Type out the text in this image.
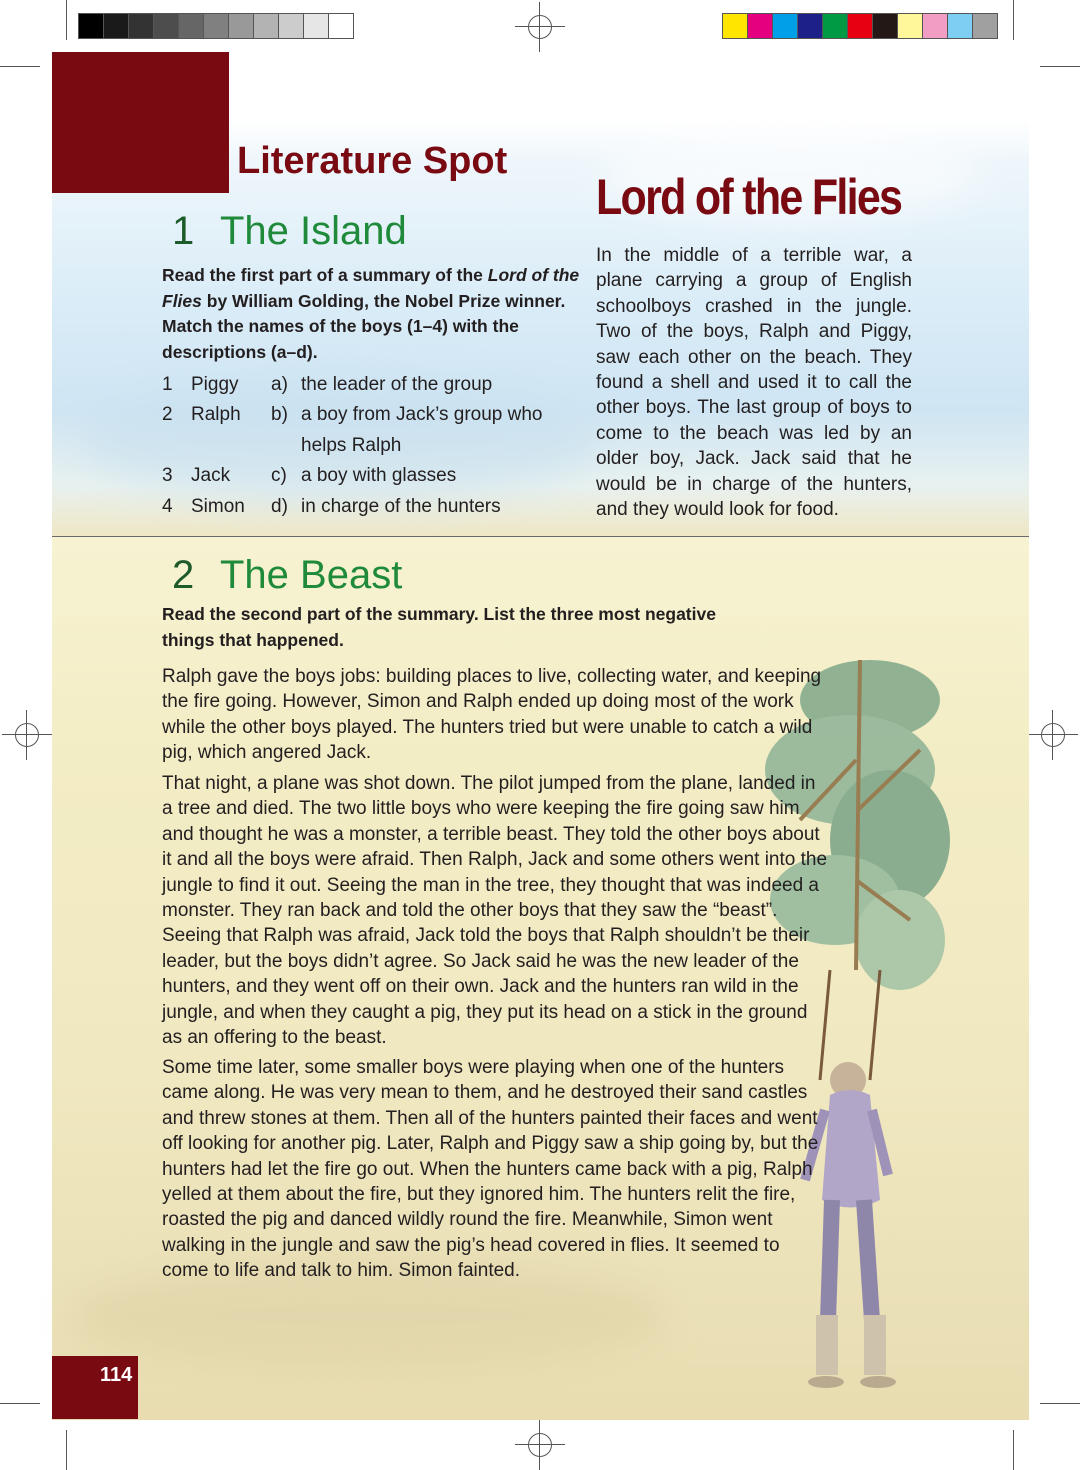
Literature Spot
Lord of the Flies
1 The Island
Read the first part of a summary of the Lord of the Flies by William Golding, the Nobel Prize winner. Match the names of the boys (1–4) with the descriptions (a–d).
1 Piggy	a) the leader of the group
2 Ralph	b) a boy from Jack’s group who helps Ralph
3 Jack	c) a boy with glasses
4 Simon	d) in charge of the hunters
In the middle of a terrible war, a plane carrying a group of English schoolboys crashed in the jungle. Two of the boys, Ralph and Piggy, saw each other on the beach. They found a shell and used it to call the other boys. The last group of boys to come to the beach was led by an older boy, Jack. Jack said that he would be in charge of the hunters, and they would look for food.
2 The Beast
Read the second part of the summary. List the three most negative things that happened.
Ralph gave the boys jobs: building places to live, collecting water, and keeping the fire going. However, Simon and Ralph ended up doing most of the work while the other boys played. The hunters tried but were unable to catch a wild pig, which angered Jack.
That night, a plane was shot down. The pilot jumped from the plane, landed in a tree and died. The two little boys who were keeping the fire going saw him and thought he was a monster, a terrible beast. They told the other boys about it and all the boys were afraid. Then Ralph, Jack and some others went into the jungle to find it out. Seeing the man in the tree, they thought that was indeed a monster. They ran back and told the other boys that they saw the “beast”. Seeing that Ralph was afraid, Jack told the boys that Ralph shouldn’t be their leader, but the boys didn’t agree. So Jack said he was the new leader of the hunters, and they went off on their own. Jack and the hunters ran wild in the jungle, and when they caught a pig, they put its head on a stick in the ground as an offering to the beast.
Some time later, some smaller boys were playing when one of the hunters came along. He was very mean to them, and he destroyed their sand castles and threw stones at them. Then all of the hunters painted their faces and went off looking for another pig. Later, Ralph and Piggy saw a ship going by, but the hunters had let the fire go out. When the hunters came back with a pig, Ralph yelled at them about the fire, but they ignored him. The hunters relit the fire, roasted the pig and danced wildly round the fire. Meanwhile, Simon went walking in the jungle and saw the pig’s head covered in flies. It seemed to come to life and talk to him. Simon fainted.
114
